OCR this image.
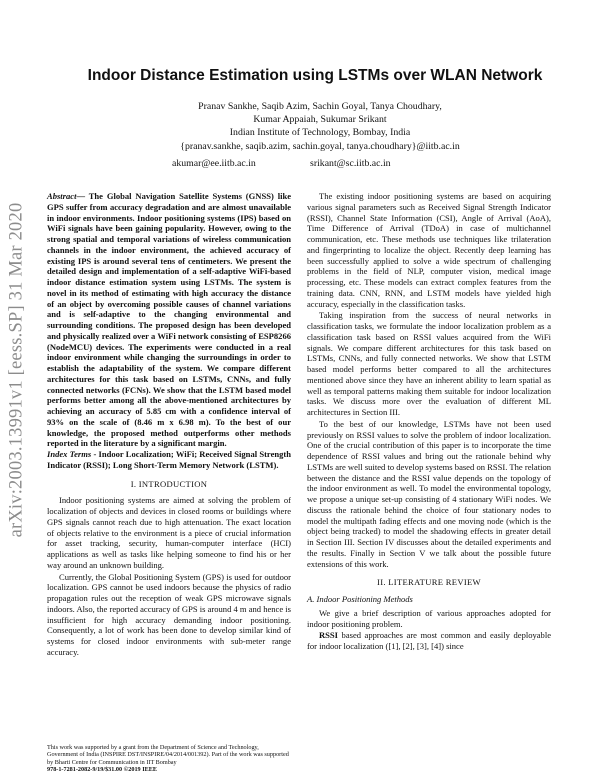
arXiv:2003.13991v1 [eess.SP] 31 Mar 2020
Indoor Distance Estimation using LSTMs over WLAN Network
Pranav Sankhe, Saqib Azim, Sachin Goyal, Tanya Choudhary,
Kumar Appaiah, Sukumar Srikant
Indian Institute of Technology, Bombay, India
{pranav.sankhe, saqib.azim, sachin.goyal, tanya.choudhary}@iitb.ac.in
akumar@ee.iitb.ac.in	srikant@sc.iitb.ac.in

Abstract— The Global Navigation Satellite Systems (GNSS) like GPS suffer from accuracy degradation and are almost unavailable in indoor environments. Indoor positioning systems (IPS) based on WiFi signals have been gaining popularity. However, owing to the strong spatial and temporal variations of wireless communication channels in the indoor environment, the achieved accuracy of existing IPS is around several tens of centimeters. We present the detailed design and implementation of a self-adaptive WiFi-based indoor distance estimation system using LSTMs. The system is novel in its method of estimating with high accuracy the distance of an object by overcoming possible causes of channel variations and is self-adaptive to the changing environmental and surrounding conditions. The proposed design has been developed and physically realized over a WiFi network consisting of ESP8266 (NodeMCU) devices. The experiments were conducted in a real indoor environment while changing the surroundings in order to establish the adaptability of the system. We compare different architectures for this task based on LSTMs, CNNs, and fully connected networks (FCNs). We show that the LSTM based model performs better among all the above-mentioned architectures by achieving an accuracy of 5.85 cm with a confidence interval of 93% on the scale of (8.46 m x 6.98 m). To the best of our knowledge, the proposed method outperforms other methods reported in the literature by a significant margin.

Index Terms - Indoor Localization; WiFi; Received Signal Strength Indicator (RSSI); Long Short-Term Memory Network (LSTM).

I. INTRODUCTION

Indoor positioning systems are aimed at solving the problem of localization of objects and devices in closed rooms or buildings where GPS signals cannot reach due to high attenuation. The exact location of objects relative to the environment is a piece of crucial information for asset tracking, security, human-computer interface (HCI) applications as well as tasks like helping someone to find his or her way around an unknown building.

Currently, the Global Positioning System (GPS) is used for outdoor localization. GPS cannot be used indoors because the physics of radio propagation rules out the reception of weak GPS microwave signals indoors. Also, the reported accuracy of GPS is around 4 m and hence is insufficient for high accuracy demanding indoor positioning. Consequently, a lot of work has been done to develop similar kind of systems for closed indoor environments with sub-meter range accuracy.

The existing indoor positioning systems are based on acquiring various signal parameters such as Received Signal Strength Indicator (RSSI), Channel State Information (CSI), Angle of Arrival (AoA), Time Difference of Arrival (TDoA) in case of multichannel communication, etc. These methods use techniques like trilateration and fingerprinting to localize the object. Recently deep learning has been successfully applied to solve a wide spectrum of challenging problems in the field of NLP, computer vision, medical image processing, etc. These models can extract complex features from the training data. CNN, RNN, and LSTM models have yielded high accuracy, especially in the classification tasks.

Taking inspiration from the success of neural networks in classification tasks, we formulate the indoor localization problem as a classification task based on RSSI values acquired from the WiFi signals. We compare different architectures for this task based on LSTMs, CNNs, and fully connected networks. We show that LSTM based model performs better compared to all the architectures mentioned above since they have an inherent ability to learn spatial as well as temporal patterns making them suitable for indoor localization tasks. We discuss more over the evaluation of different ML architectures in Section III.

To the best of our knowledge, LSTMs have not been used previously on RSSI values to solve the problem of indoor localization. One of the crucial contribution of this paper is to incorporate the time dependence of RSSI values and bring out the rationale behind why LSTMs are well suited to develop systems based on RSSI. The relation between the distance and the RSSI value depends on the topology of the indoor environment as well. To model the environmental topology, we propose a unique set-up consisting of 4 stationary WiFi nodes. We discuss the rationale behind the choice of four stationary nodes to model the multipath fading effects and one moving node (which is the object being tracked) to model the shadowing effects in greater detail in Section III. Section IV discusses about the detailed experiments and the results. Finally in Section V we talk about the possible future extensions of this work.

II. LITERATURE REVIEW
A. Indoor Positioning Methods

We give a brief description of various approaches adopted for indoor positioning problem.

RSSI based approaches are most common and easily deployable for indoor localization ([1], [2], [3], [4]) since

This work was supported by a grant from the Department of Science and Technology, Government of India (INSPIRE DST/INSPIRE/04/2014/001392). Part of the work was supported by Bharti Centre for Communication in IIT Bombay
978-1-7281-2082-9/19/$31.00 ©2019 IEEE
